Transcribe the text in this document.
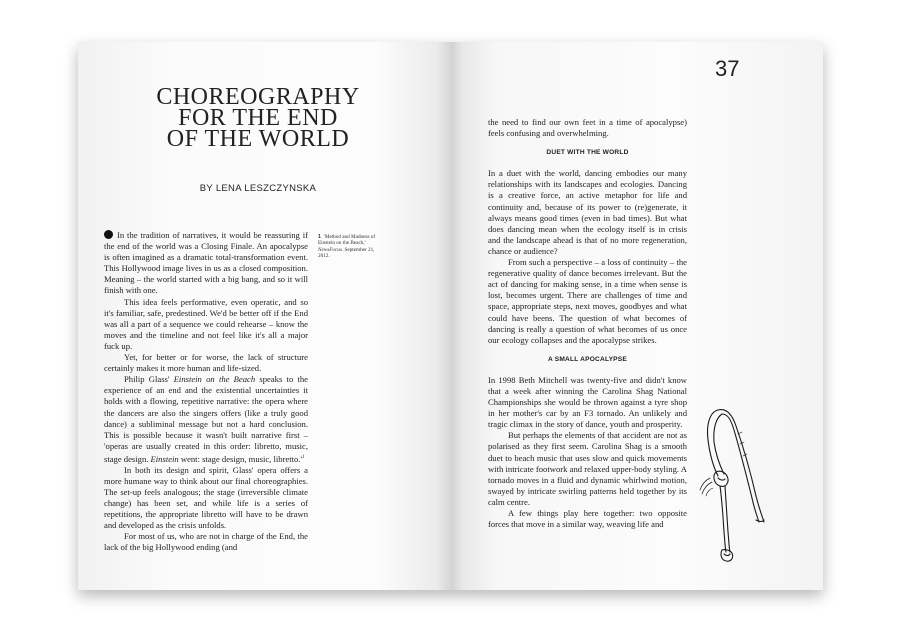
CHOREOGRAPHY
FOR THE END
OF THE WORLD
BY LENA LESZCZYNSKA

In the tradition of narratives, it would be reassuring if the end of the world was a Closing Finale. An apocalypse is often imagined as a dramatic total-transformation event. This Hollywood image lives in us as a closed composition. Meaning – the world started with a big bang, and so it will finish with one.

This idea feels performative, even operatic, and so it's familiar, safe, predestined. We'd be better off if the End was all a part of a sequence we could rehearse – know the moves and the timeline and not feel like it's all a major fuck up.

Yet, for better or for worse, the lack of structure certainly makes it more human and life-sized.

Philip Glass' Einstein on the Beach speaks to the experience of an end and the existential uncertainties it holds with a flowing, repetitive narrative: the opera where the dancers are also the singers offers (like a truly good dance) a subliminal message but not a hard conclusion. This is possible because it wasn't built narrative first – 'operas are usually created in this order: libretto, music, stage design. Einstein went: stage design, music, $libretto.'^1$

In both its design and spirit, Glass' opera offers a more humane way to think about our final choreographies. The set-up feels analogous; the stage (irreversible climate change) has been set, and while life is a series of repetitions, the appropriate libretto will have to be drawn and developed as the crisis unfolds.

For most of us, who are not in charge of the End, the lack of the big Hollywood ending (and

1 'Method and Madness of Einstein on the Beach,' NewsFocus. September 21, 2012.
37

the need to find our own feet in a time of apocalypse) feels confusing and overwhelming.

DUET WITH THE WORLD

In a duet with the world, dancing embodies our many relationships with its landscapes and ecologies. Dancing is a creative force, an active metaphor for life and continuity and, because of its power to (re)generate, it always means good times (even in bad times). But what does dancing mean when the ecology itself is in crisis and the landscape ahead is that of no more regeneration, chance or audience?

From such a perspective – a loss of continuity – the regenerative quality of dance becomes irrelevant. But the act of dancing for making sense, in a time when sense is lost, becomes urgent. There are challenges of time and space, appropriate steps, next moves, goodbyes and what could have beens. The question of what becomes of dancing is really a question of what becomes of us once our ecology collapses and the apocalypse strikes.

A SMALL APOCALYPSE

In 1998 Beth Mitchell was twenty-five and didn't know that a week after winning the Carolina Shag National Championships she would be thrown against a tyre shop in her mother's car by an F3 tornado. An unlikely and tragic climax in the story of dance, youth and prosperity.

But perhaps the elements of that accident are not as polarised as they first seem. Carolina Shag is a smooth duet to beach music that uses slow and quick movements with intricate footwork and relaxed upper-body styling. A tornado moves in a fluid and dynamic whirlwind motion, swayed by intricate swirling patterns held together by its calm centre.

A few things play here together: two opposite forces that move in a similar way, weaving life and
